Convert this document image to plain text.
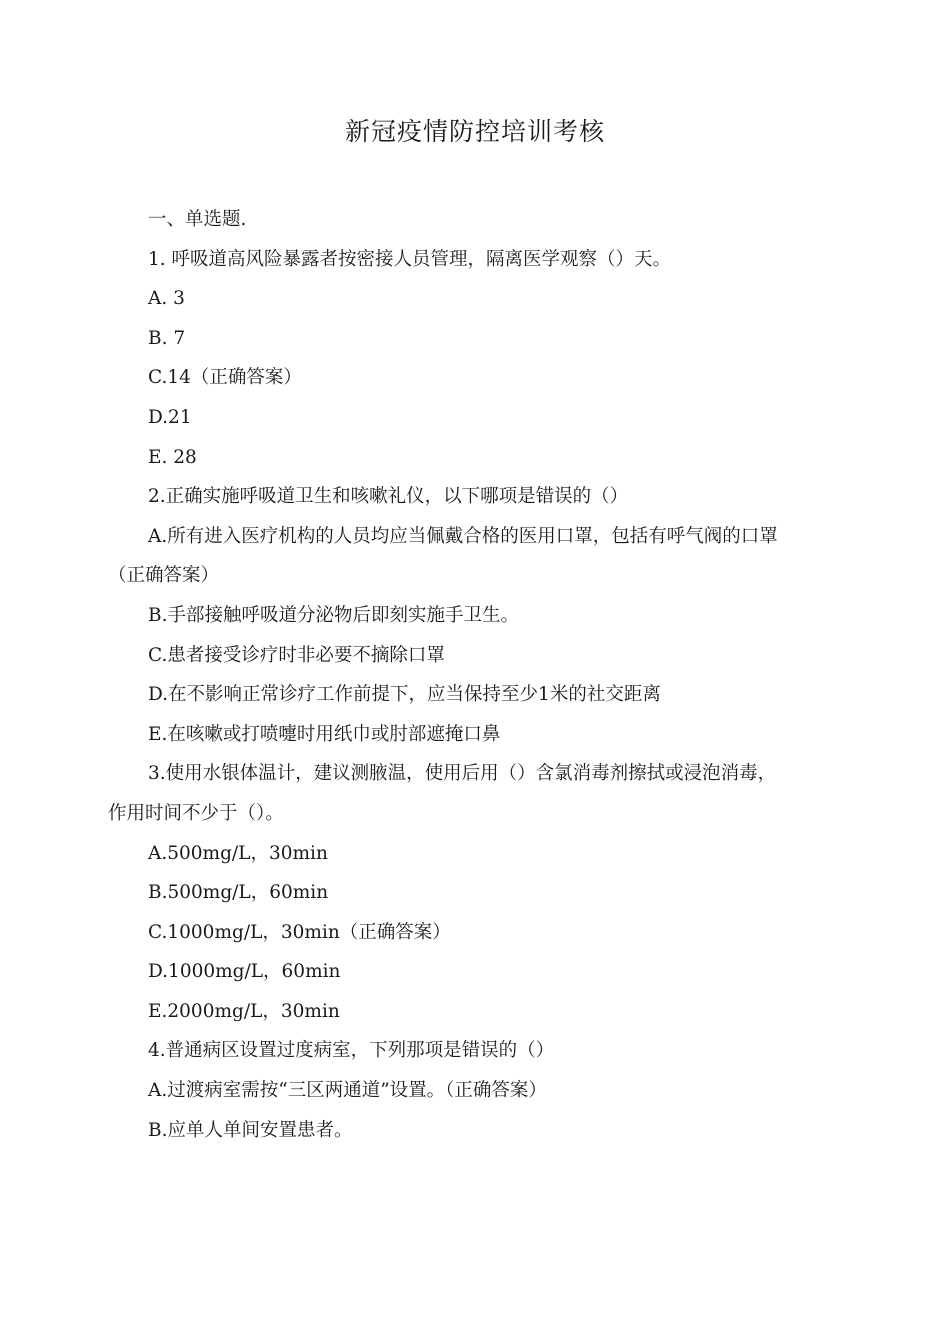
新冠疫情防控培训考核
一、单选题.
1. 呼吸道高风险暴露者按密接人员管理，隔离医学观察（）天。
A. 3
B. 7
C.14（正确答案）
D.21
E. 28
2.正确实施呼吸道卫生和咳嗽礼仪，以下哪项是错误的（）
A.所有进入医疗机构的人员均应当佩戴合格的医用口罩，包括有呼气阀的口罩
（正确答案）
B.手部接触呼吸道分泌物后即刻实施手卫生。
C.患者接受诊疗时非必要不摘除口罩
D.在不影响正常诊疗工作前提下，应当保持至少1米的社交距离
E.在咳嗽或打喷嚏时用纸巾或肘部遮掩口鼻
3.使用水银体温计，建议测腋温，使用后用（）含氯消毒剂擦拭或浸泡消毒，
作用时间不少于（）。
A.500mg/L，30min
B.500mg/L，60min
C.1000mg/L，30min（正确答案）
D.1000mg/L，60min
E.2000mg/L，30min
4.普通病区设置过度病室，下列那项是错误的（）
A.过渡病室需按“三区两通道”设置。（正确答案）
B.应单人单间安置患者。
